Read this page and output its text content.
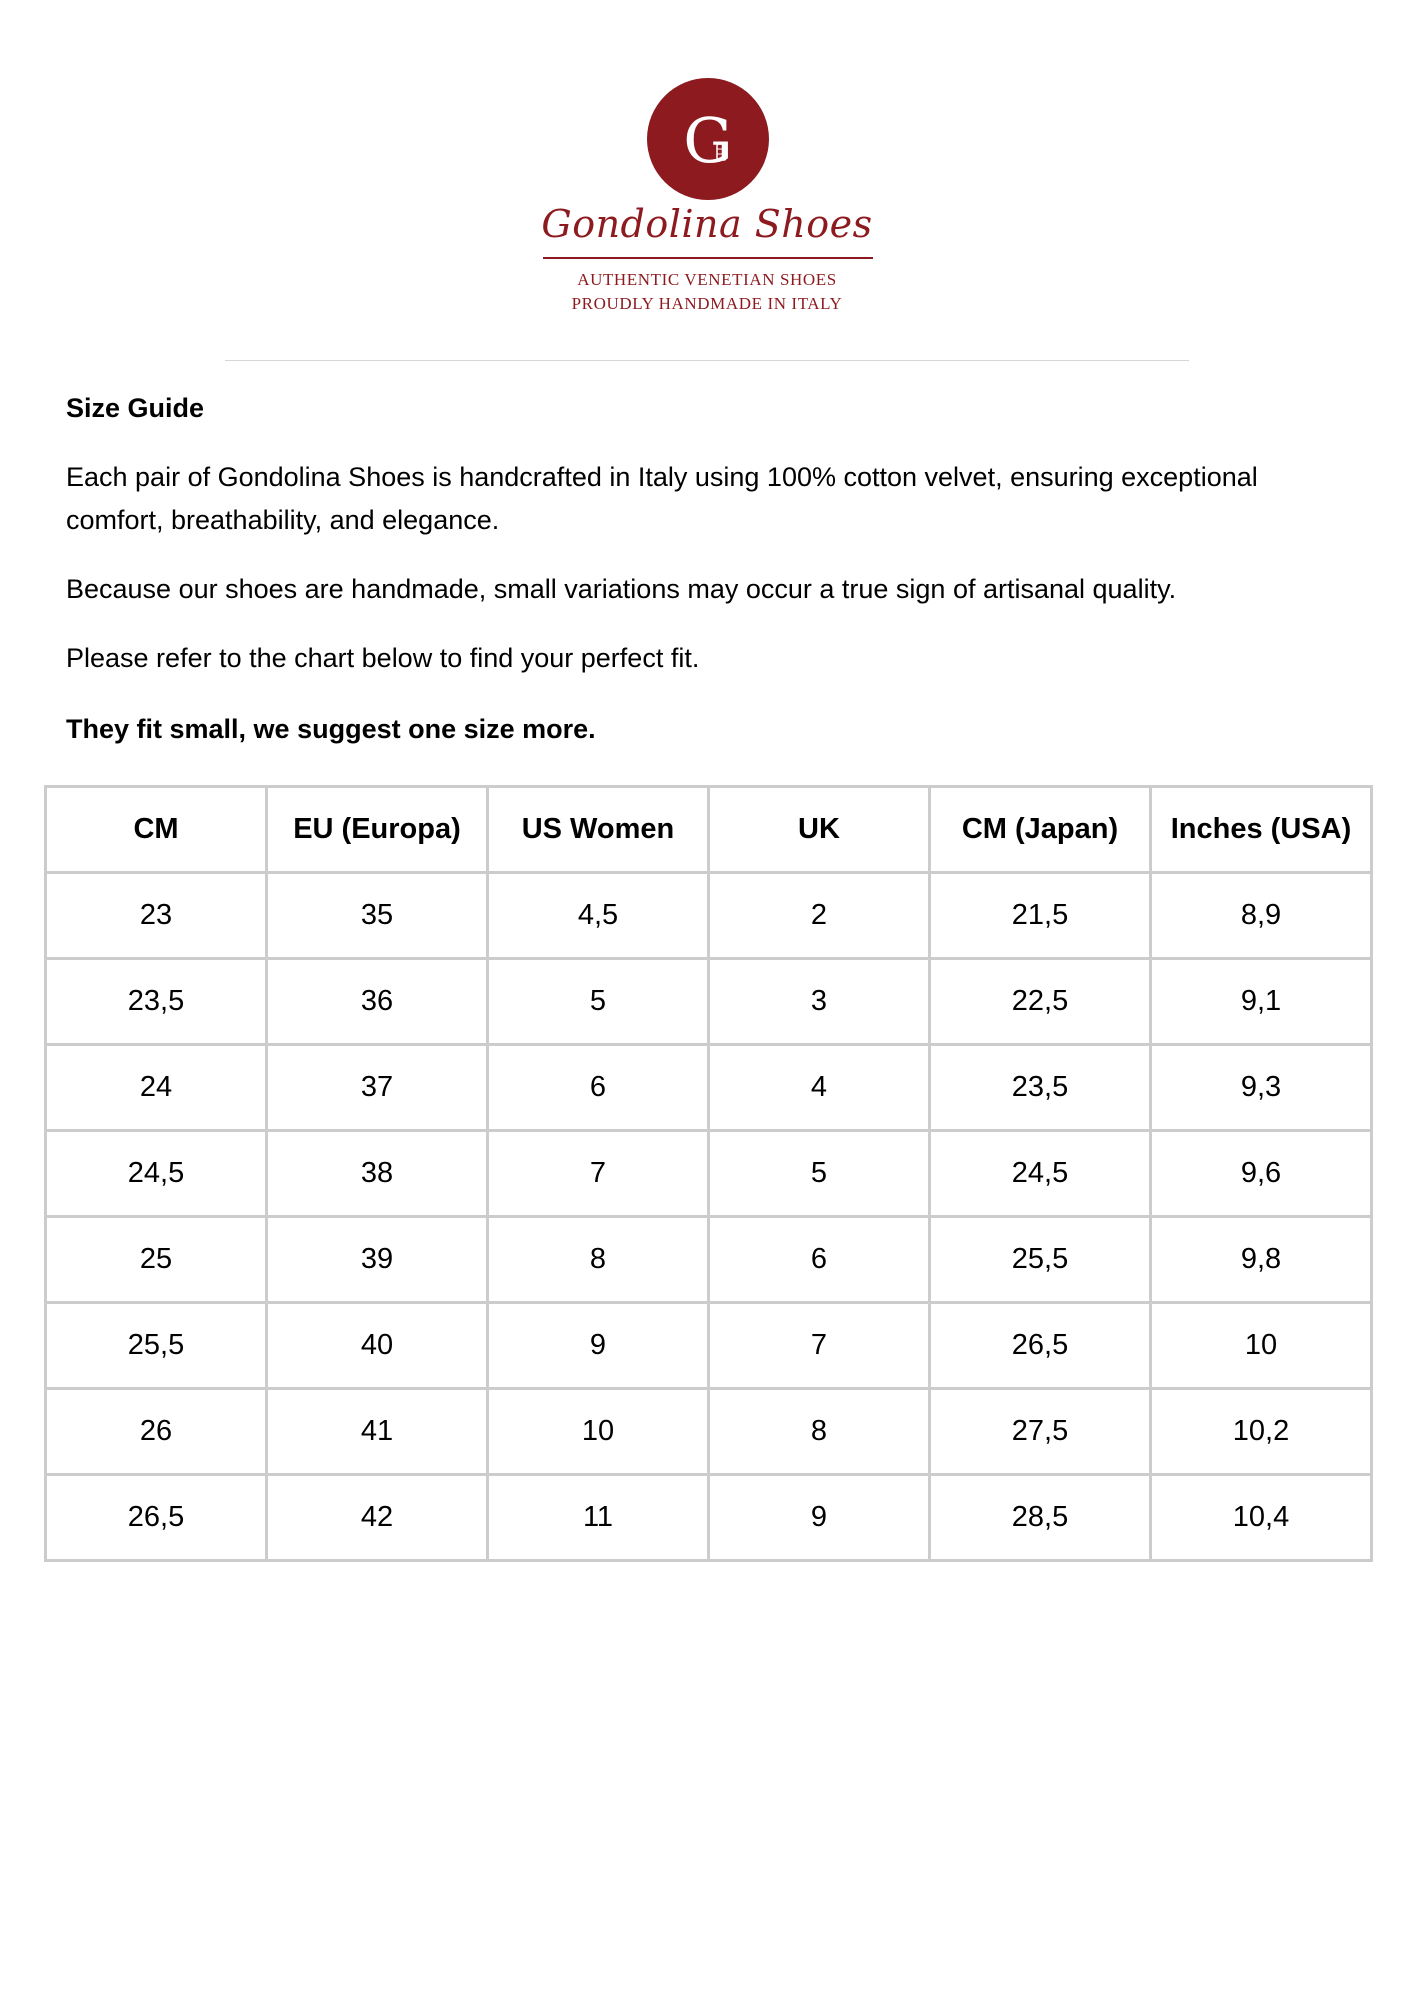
G
Gondolina Shoes
AUTHENTIC VENETIAN SHOES
PROUDLY HANDMADE IN ITALY

Size Guide

Each pair of Gondolina Shoes is handcrafted in Italy using 100% cotton velvet, ensuring exceptional comfort, breathability, and elegance.

Because our shoes are handmade, small variations may occur a true sign of artisanal quality.

Please refer to the chart below to find your perfect fit.

They fit small, we suggest one size more.

CM	EU (Europa)	US Women	UK	CM (Japan)	Inches (USA)
23	35	4,5	2	21,5	8,9
23,5	36	5	3	22,5	9,1
24	37	6	4	23,5	9,3
24,5	38	7	5	24,5	9,6
25	39	8	6	25,5	9,8
25,5	40	9	7	26,5	10
26	41	10	8	27,5	10,2
26,5	42	11	9	28,5	10,4
